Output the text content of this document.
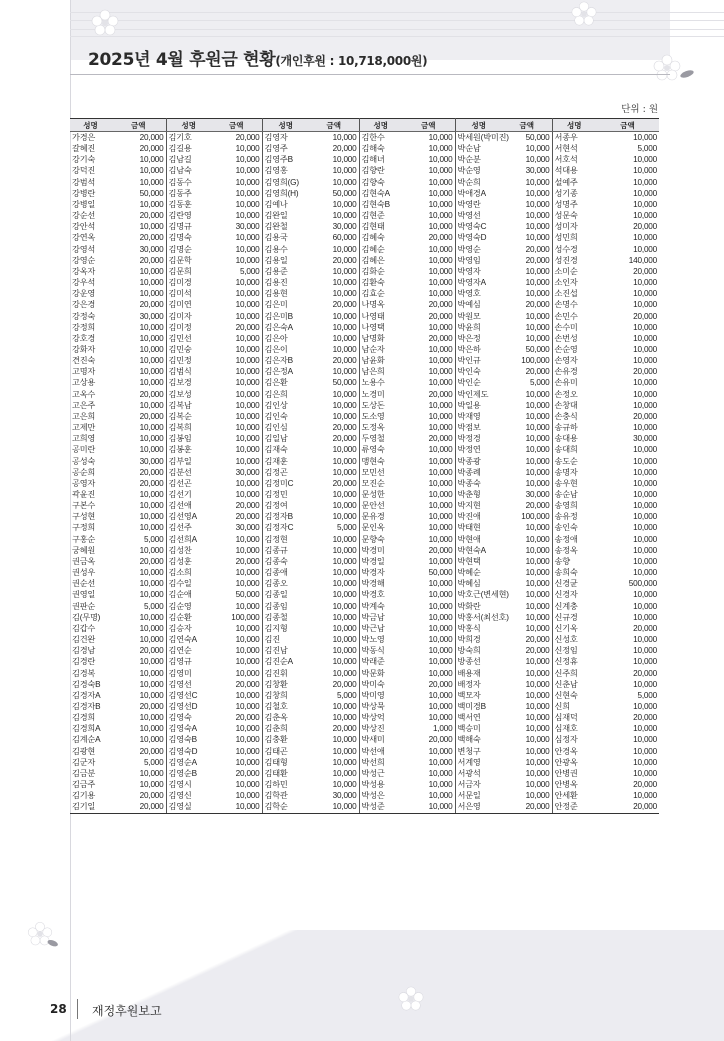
2025년 4월 후원금 현황(개인후원 : 10,718,000원)
단위 : 원
성명	금액	성명	금액	성명	금액	성명	금액	성명	금액	성명	금액
가경은	20,000	김기호	20,000	김영자	10,000	김한수	10,000	박세원(박미진)	50,000	서종우	10,000
갈혜진	20,000	김길용	10,000	김영주	20,000	김해숙	10,000	박순남	10,000	서현석	5,000
강기숙	10,000	김남길	10,000	김영주B	10,000	김해녀	10,000	박순분	10,000	서호석	10,000
강덕진	10,000	김남숙	10,000	김영홍	10,000	김향란	10,000	박순영	30,000	석대용	10,000
강범석	10,000	김동수	10,000	김영희(G)	10,000	김향숙	10,000	박순희	10,000	설예주	10,000
강병란	50,000	김동주	10,000	김영희(H)	50,000	김현숙A	10,000	박애경A	10,000	성기종	10,000
강병일	10,000	김동훈	10,000	김예나	10,000	김현숙B	10,000	박영란	10,000	성명주	10,000
강순선	20,000	김란영	10,000	김완일	10,000	김현준	10,000	박영선	10,000	성문숙	10,000
강안석	10,000	김명규	30,000	김완철	30,000	김현태	10,000	박영숙C	10,000	성미자	20,000
강연옥	20,000	김명숙	10,000	김용국	60,000	김혜숙	20,000	박영숙D	10,000	성민희	10,000
강영석	30,000	김명순	10,000	김용수	10,000	김혜순	10,000	박영순	20,000	성수경	10,000
강영순	20,000	김문학	10,000	김용일	20,000	김혜은	10,000	박영임	20,000	성진경	140,000
강옥자	10,000	김문희	5,000	김용준	10,000	김화순	10,000	박영자	10,000	소미순	20,000
강우석	10,000	김미경	10,000	김용진	10,000	김환숙	10,000	박영자A	10,000	소인자	10,000
강운영	10,000	김미석	10,000	김용현	10,000	김효순	10,000	박영호	10,000	소진섭	10,000
강은경	20,000	김미연	10,000	김은미	20,000	나명옥	20,000	박예심	20,000	손명수	10,000
강정숙	30,000	김미자	10,000	김은미B	10,000	나영태	20,000	박원모	10,000	손민수	20,000
강정희	10,000	김미정	20,000	김은숙A	10,000	나영택	10,000	박윤희	10,000	손수미	10,000
강호경	10,000	김민선	10,000	김은아	10,000	남명화	20,000	박은정	10,000	손번성	10,000
강화자	10,000	김민숭	10,000	김은이	10,000	남순자	10,000	박은하	50,000	손순영	10,000
견진숙	10,000	김민정	10,000	김은자B	20,000	남윤화	10,000	박인규	100,000	손영자	10,000
고명자	10,000	김범식	10,000	김은정A	10,000	남은희	10,000	박인숙	20,000	손유경	20,000
고상용	10,000	김보경	10,000	김은환	50,000	노용수	10,000	박인순	5,000	손유미	10,000
고옥수	20,000	김보성	10,000	김은희	10,000	노경미	20,000	박인제도	10,000	손정오	10,000
고은주	10,000	김복남	10,000	김인상	10,000	도상돈	10,000	박일용	10,000	손창대	10,000
고은희	20,000	김복순	10,000	김인숙	10,000	도소영	10,000	박재영	10,000	손충식	20,000
고제만	10,000	김복희	10,000	김인심	20,000	도정옥	10,000	박점보	10,000	송규하	10,000
고희영	10,000	김봉임	10,000	김일남	20,000	두영철	20,000	박정경	10,000	송대용	30,000
공미란	10,000	김봉훈	10,000	김재숙	10,000	류영숙	10,000	박정연	10,000	송대희	10,000
공성숙	30,000	김부일	10,000	김재훈	10,000	맹현숙	10,000	박종광	10,000	송도순	10,000
공순희	20,000	김분선	30,000	김정곤	10,000	모민선	10,000	박종례	10,000	송명자	10,000
공영자	20,000	김선곤	10,000	김정미C	20,000	모진순	10,000	박종숙	10,000	송우현	10,000
곽윤진	10,000	김선기	10,000	김정민	10,000	문성한	10,000	박춘형	30,000	송순남	10,000
구본수	10,000	김선애	20,000	김정여	10,000	문안선	10,000	박지현	20,000	송영희	10,000
구성현	10,000	김선영A	20,000	김정자B	10,000	문유경	10,000	박진애	100,000	송유정	10,000
구정희	10,000	김선주	30,000	김정자C	5,000	문인옥	10,000	박태현	10,000	송인숙	10,000
구홍순	5,000	김선희A	10,000	김정현	10,000	문향숙	10,000	박현애	10,000	송정애	10,000
궁혜원	10,000	김성찬	10,000	김종규	10,000	박경미	20,000	박현숙A	10,000	송정옥	10,000
권금옥	20,000	김성훈	20,000	김종숙	10,000	박경일	10,000	박현택	10,000	송향	10,000
권성우	10,000	김소희	10,000	김종애	10,000	박경자	50,000	박혜순	10,000	송희숙	10,000
권순선	10,000	김수일	10,000	김종오	10,000	박경해	10,000	박혜심	10,000	신경균	500,000
권영일	10,000	김순애	50,000	김종일	10,000	박경호	10,000	박호근(변세현)	10,000	신경자	10,000
권판순	5,000	김순영	10,000	김종임	10,000	박계숙	10,000	박화란	10,000	신계충	10,000
김(무명)	10,000	김순환	100,000	김종철	10,000	박금남	10,000	박홍서(최선호)	10,000	신규경	10,000
김갑수	10,000	김승자	10,000	김지형	10,000	박근남	10,000	박홍식	10,000	신기옥	20,000
김건완	10,000	김연숙A	10,000	김진	10,000	박노영	10,000	박희경	20,000	신성호	10,000
김경남	20,000	김연순	10,000	김진남	10,000	박동식	10,000	방숙희	20,000	신정임	10,000
김경란	10,000	김영규	10,000	김진순A	10,000	박래준	10,000	방종선	10,000	신정휴	10,000
김경복	10,000	김영미	10,000	김진휘	10,000	박문화	10,000	배용재	10,000	신주희	20,000
김경숙B	10,000	김영선	20,000	김창환	20,000	박미숙	20,000	배정자	10,000	신춘남	10,000
김경자A	10,000	김영선C	10,000	김창희	5,000	박미영	10,000	백모자	10,000	신현숙	5,000
김경자B	20,000	김영선D	10,000	김철호	10,000	박상묵	10,000	백미경B	10,000	신희	10,000
김경희	10,000	김영숙	20,000	김춘옥	10,000	박상억	10,000	백서연	10,000	심재덕	20,000
김경희A	10,000	김영숙A	10,000	김춘희	20,000	박상진	1,000	백승미	10,000	심재호	10,000
김계순A	10,000	김영숙B	10,000	김충환	10,000	박새미	20,000	백해숙	10,000	심정자	10,000
김광현	20,000	김영숙D	10,000	김태곤	10,000	박선애	10,000	변청구	10,000	안경옥	10,000
김군자	5,000	김영순A	10,000	김태형	10,000	박선희	10,000	서계영	10,000	안광옥	10,000
김금분	10,000	김영순B	20,000	김태환	10,000	박성근	10,000	서광석	10,000	안병권	10,000
김금주	10,000	김영시	10,000	김하민	10,000	박성용	10,000	서금자	10,000	안병옥	20,000
김기용	20,000	김영신	10,000	김학관	30,000	박성은	10,000	서문일	10,000	안세환	10,000
김기일	20,000	김영실	10,000	김학순	10,000	박성준	10,000	서은영	20,000	안정준	20,000
28 재정후원보고
